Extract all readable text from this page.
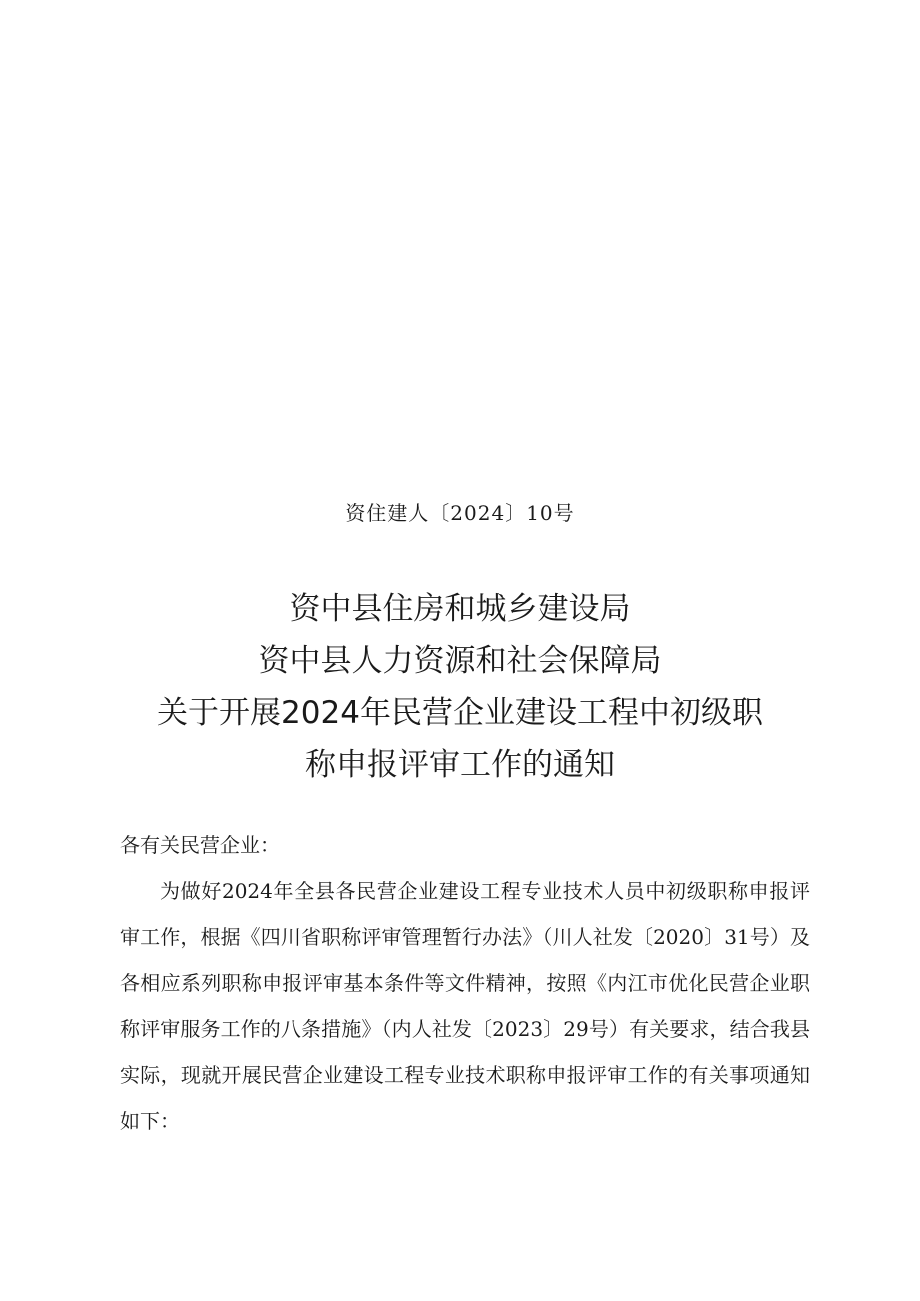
资住建人〔2024〕10号
资中县住房和城乡建设局
资中县人力资源和社会保障局
关于开展2024年民营企业建设工程中初级职
称申报评审工作的通知
各有关民营企业：
为做好2024年全县各民营企业建设工程专业技术人员中初级职称申报评审工作，根据《四川省职称评审管理暂行办法》（川人社发〔2020〕31号）及各相应系列职称申报评审基本条件等文件精神，按照《内江市优化民营企业职称评审服务工作的八条措施》（内人社发〔2023〕29号）有关要求，结合我县实际，现就开展民营企业建设工程专业技术职称申报评审工作的有关事项通知如下：
